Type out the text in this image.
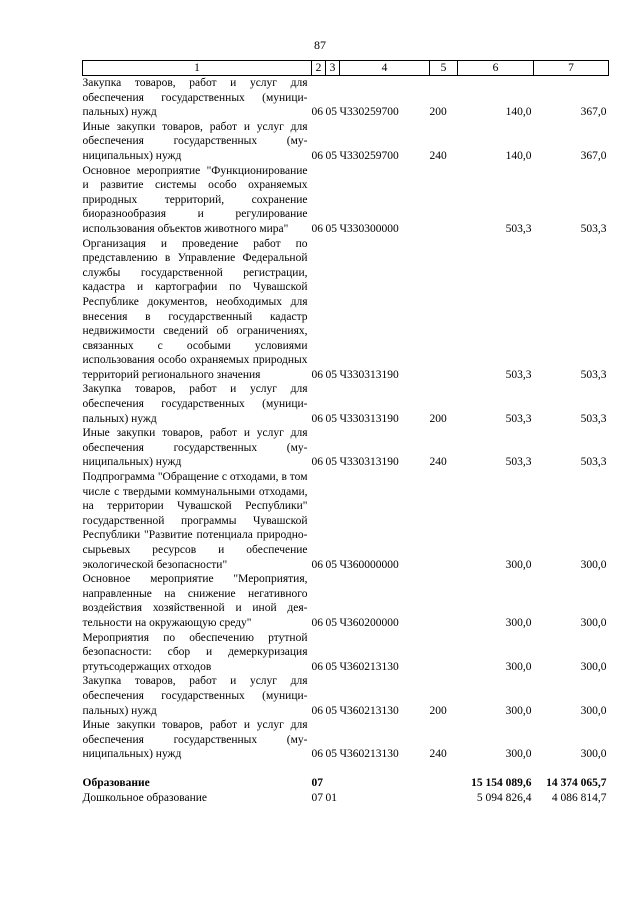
87
1	2	3	4	5	6	7
Закупка товаров, работ и услуг для обеспечения государственных (муниципальных) нужд	06	05	Ч330259700	200	140,0	367,0
Иные закупки товаров, работ и услуг для обеспечения государственных (муниципальных) нужд	06	05	Ч330259700	240	140,0	367,0
Основное мероприятие "Функционирование и развитие системы особо охраняемых природных территорий, сохранение биоразнообразия и регулирование использования объектов животного мира"	06	05	Ч330300000		503,3	503,3
Организация и проведение работ по представлению в Управление Федеральной службы государственной регистрации, кадастра и картографии по Чувашской Республике документов, необходимых для внесения в государственный кадастр недвижимости сведений об ограничениях, связанных с особыми условиями использования особо охраняемых природных территорий регионального значения	06	05	Ч330313190		503,3	503,3
Закупка товаров, работ и услуг для обеспечения государственных (муниципальных) нужд	06	05	Ч330313190	200	503,3	503,3
Иные закупки товаров, работ и услуг для обеспечения государственных (муниципальных) нужд	06	05	Ч330313190	240	503,3	503,3
Подпрограмма "Обращение с отходами, в том числе с твердыми коммунальными отходами, на территории Чувашской Республики" государственной программы Чувашской Республики "Развитие потенциала природно-сырьевых ресурсов и обеспечение экологической безопасности"	06	05	Ч360000000		300,0	300,0
Основное мероприятие "Мероприятия, направленные на снижение негативного воздействия хозяйственной и иной деятельности на окружающую среду"	06	05	Ч360200000		300,0	300,0
Мероприятия по обеспечению ртутной безопасности: сбор и демеркуризация ртутьсодержащих отходов	06	05	Ч360213130		300,0	300,0
Закупка товаров, работ и услуг для обеспечения государственных (муниципальных) нужд	06	05	Ч360213130	200	300,0	300,0
Иные закупки товаров, работ и услуг для обеспечения государственных (муниципальных) нужд	06	05	Ч360213130	240	300,0	300,0

Образование	07				15 154 089,6	14 374 065,7
Дошкольное образование	07	01			5 094 826,4	4 086 814,7
